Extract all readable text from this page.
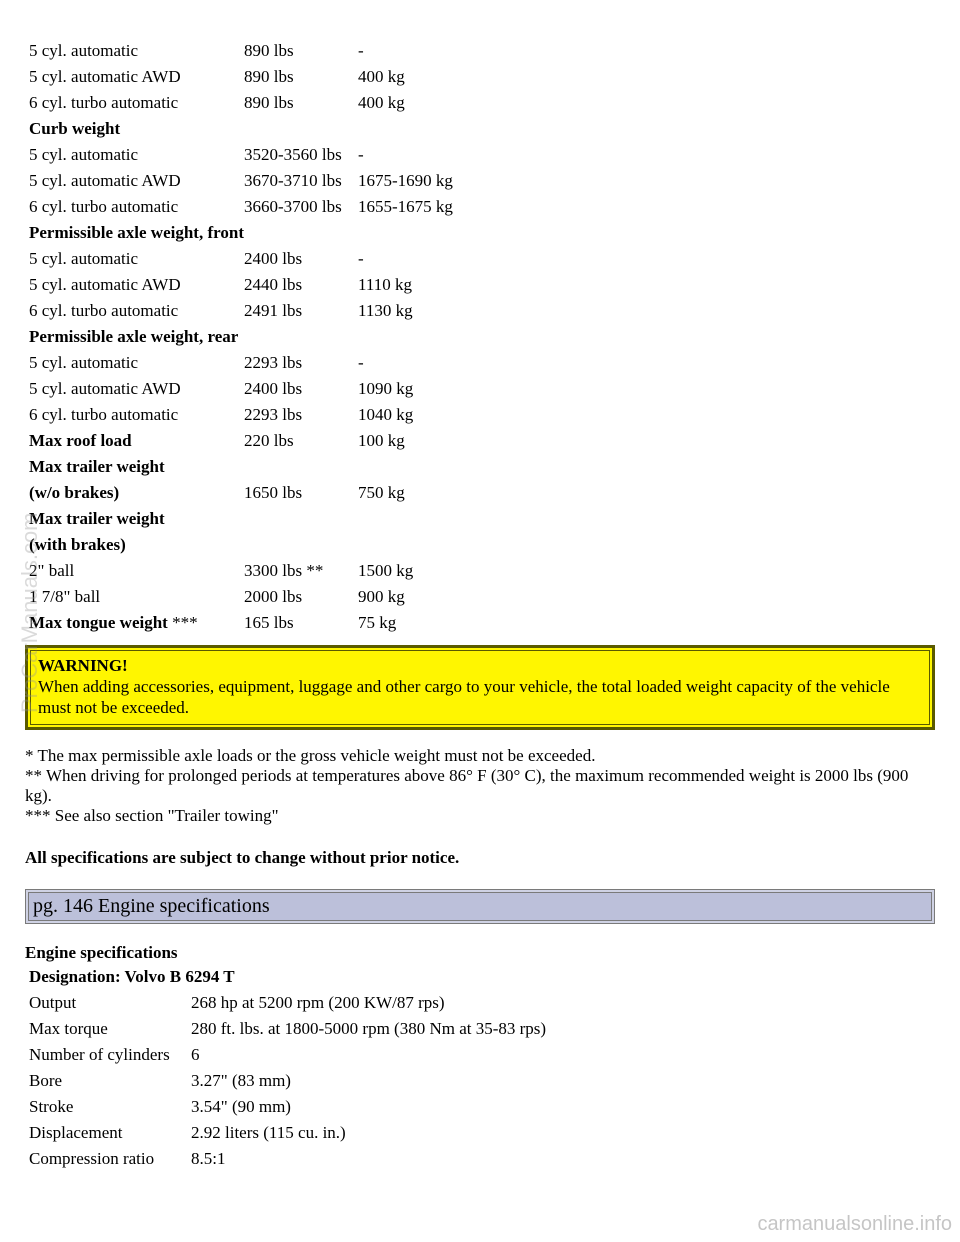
5 cyl. automatic	890 lbs	-
5 cyl. automatic AWD	890 lbs	400 kg
6 cyl. turbo automatic	890 lbs	400 kg
Curb weight		
5 cyl. automatic	3520-3560 lbs	-
5 cyl. automatic AWD	3670-3710 lbs	1675-1690 kg
6 cyl. turbo automatic	3660-3700 lbs	1655-1675 kg
Permissible axle weight, front		
5 cyl. automatic	2400 lbs	-
5 cyl. automatic AWD	2440 lbs	1110 kg
6 cyl. turbo automatic	2491 lbs	1130 kg
Permissible axle weight, rear		
5 cyl. automatic	2293 lbs	-
5 cyl. automatic AWD	2400 lbs	1090 kg
6 cyl. turbo automatic	2293 lbs	1040 kg
Max roof load	220 lbs	100 kg
Max trailer weight		
(w/o brakes)	1650 lbs	750 kg
Max trailer weight		
(with brakes)		
2" ball	3300 lbs **	1500 kg
1 7/8" ball	2000 lbs	900 kg
Max tongue weight ***	165 lbs	75 kg
WARNING!
When adding accessories, equipment, luggage and other cargo to your vehicle, the total loaded weight capacity of the vehicle must not be exceeded.
* The max permissible axle loads or the gross vehicle weight must not be exceeded.
** When driving for prolonged periods at temperatures above 86° F (30° C), the maximum recommended weight is 2000 lbs (900 kg).
*** See also section "Trailer towing"
All specifications are subject to change without prior notice.
pg. 146 Engine specifications
Engine specifications
Designation: Volvo B 6294 T	
Output	268 hp at 5200 rpm (200 KW/87 rps)
Max torque	280 ft. lbs. at 1800-5000 rpm (380 Nm at 35-83 rps)
Number of cylinders	6
Bore	3.27" (83 mm)
Stroke	3.54" (90 mm)
Displacement	2.92 liters (115 cu. in.)
Compression ratio	8.5:1
ProCarManuals.com
carmanualsonline.info
